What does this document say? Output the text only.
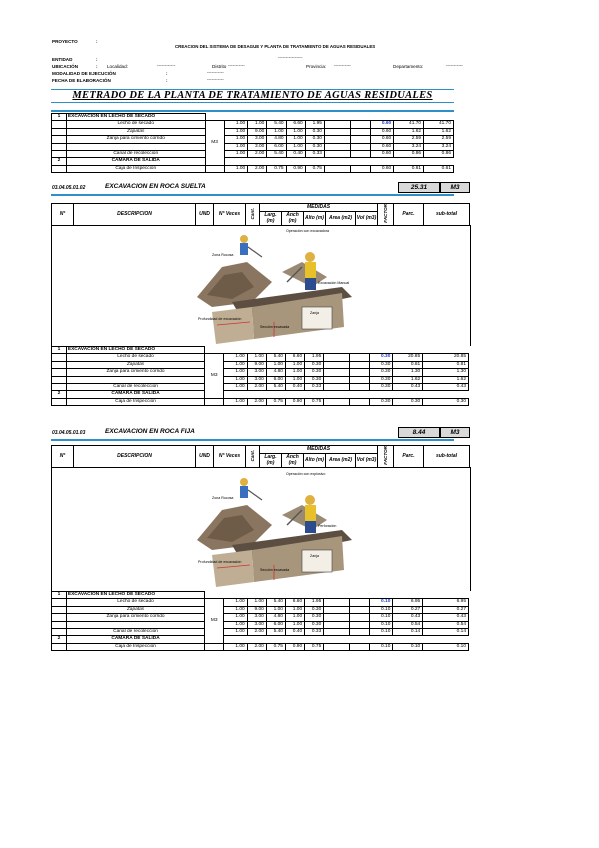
PROYECTO	:
CREACION DEL SISTEMA DE DESAGUE Y PLANTA DE TRATAMIENTO DE AGUAS RESIDUALES
ENTIDAD	:	----------------
UBICACIÓN	: Localidad:	------------	Distrito -----------	Provincia: -----------	Departamento:	-----------
MODALIDAD DE EJECUCIÓN	:	-----------
FECHA DE ELABORACIÓN	:	-----------
METRADO DE LA PLANTA DE TRATAMIENTO DE AGUAS RESIDUALES
1	EXCAVACION EN LECHO DE SECADO											
	Lecho de secado	M3	1.00	1.00	5.40	6.60	1.95			0.60	41.70	41.70
	Zapatas		1.00	9.00	1.00	1.00	0.30			0.60	1.62	1.62
	Zanja para cimiento corrido		1.00	3.00	4.80	1.00	0.30			0.60	2.59	2.59
			1.00	3.00	6.00	1.00	0.30			0.60	3.24	3.24
	Canal de recoleccion		1.00	2.00	5.40	0.40	0.33			0.60	0.86	0.86
2	CAMARA DE SALIDA											
	Caja de Inspeccion		1.00	2.00	0.75	0.90	0.75			0.60	0.61	0.61
03.04.05.01.02	EXCAVACION EN ROCA SUELTA	25.31	M3
N°	DESCRIPCION	UND	N° Veces	Cant.	MEDIDAS					FACTOR	Parc.	sub-total
					Larg. (m)	Anch (m)	Alto (m)	Area (m2)	Vol (m3)			
Operación con excavadora
Zona Rocosa
Excavación Manual
Zanja
Profundidad de excavación
Sección excavada
1	EXCAVACION EN LECHO DE SECADO											
	Lecho de secado	M3	1.00	1.00	5.40	6.60	1.95			0.30	20.85	20.85
	Zapatas		1.00	9.00	1.00	1.00	0.30			0.30	0.81	0.81
	Zanja para cimiento corrido		1.00	3.00	4.80	1.00	0.30			0.30	1.30	1.30
			1.00	3.00	6.00	1.00	0.30			0.30	1.62	1.62
	Canal de recoleccion		1.00	2.00	5.40	0.40	0.33			0.30	0.43	0.43
2	CAMARA DE SALIDA											
	Caja de Inspeccion		1.00	2.00	0.75	0.90	0.75			0.30	0.30	0.30
03.04.05.01.03	EXCAVACION EN ROCA FIJA	8.44	M3
N°	DESCRIPCION	UND	N° Veces	Cant.	MEDIDAS					FACTOR	Parc.	sub-total
					Larg. (m)	Anch (m)	Alto (m)	Area (m2)	Vol (m3)			
Operación con explosivo
Zona Rocosa
Perforación
Zanja
Profundidad de excavación
Sección excavada
1	EXCAVACION EN LECHO DE SECADO											
	Lecho de secado	M3	1.00	1.00	5.40	6.60	1.95			0.10	6.95	6.95
	Zapatas		1.00	9.00	1.00	1.00	0.30			0.10	0.27	0.27
	Zanja para cimiento corrido		1.00	3.00	4.80	1.00	0.30			0.10	0.43	0.43
			1.00	3.00	6.00	1.00	0.30			0.10	0.54	0.54
	Canal de recoleccion		1.00	2.00	5.40	0.40	0.33			0.10	0.14	0.14
2	CAMARA DE SALIDA											
	Caja de Inspeccion		1.00	2.00	0.75	0.90	0.75			0.10	0.10	0.10
